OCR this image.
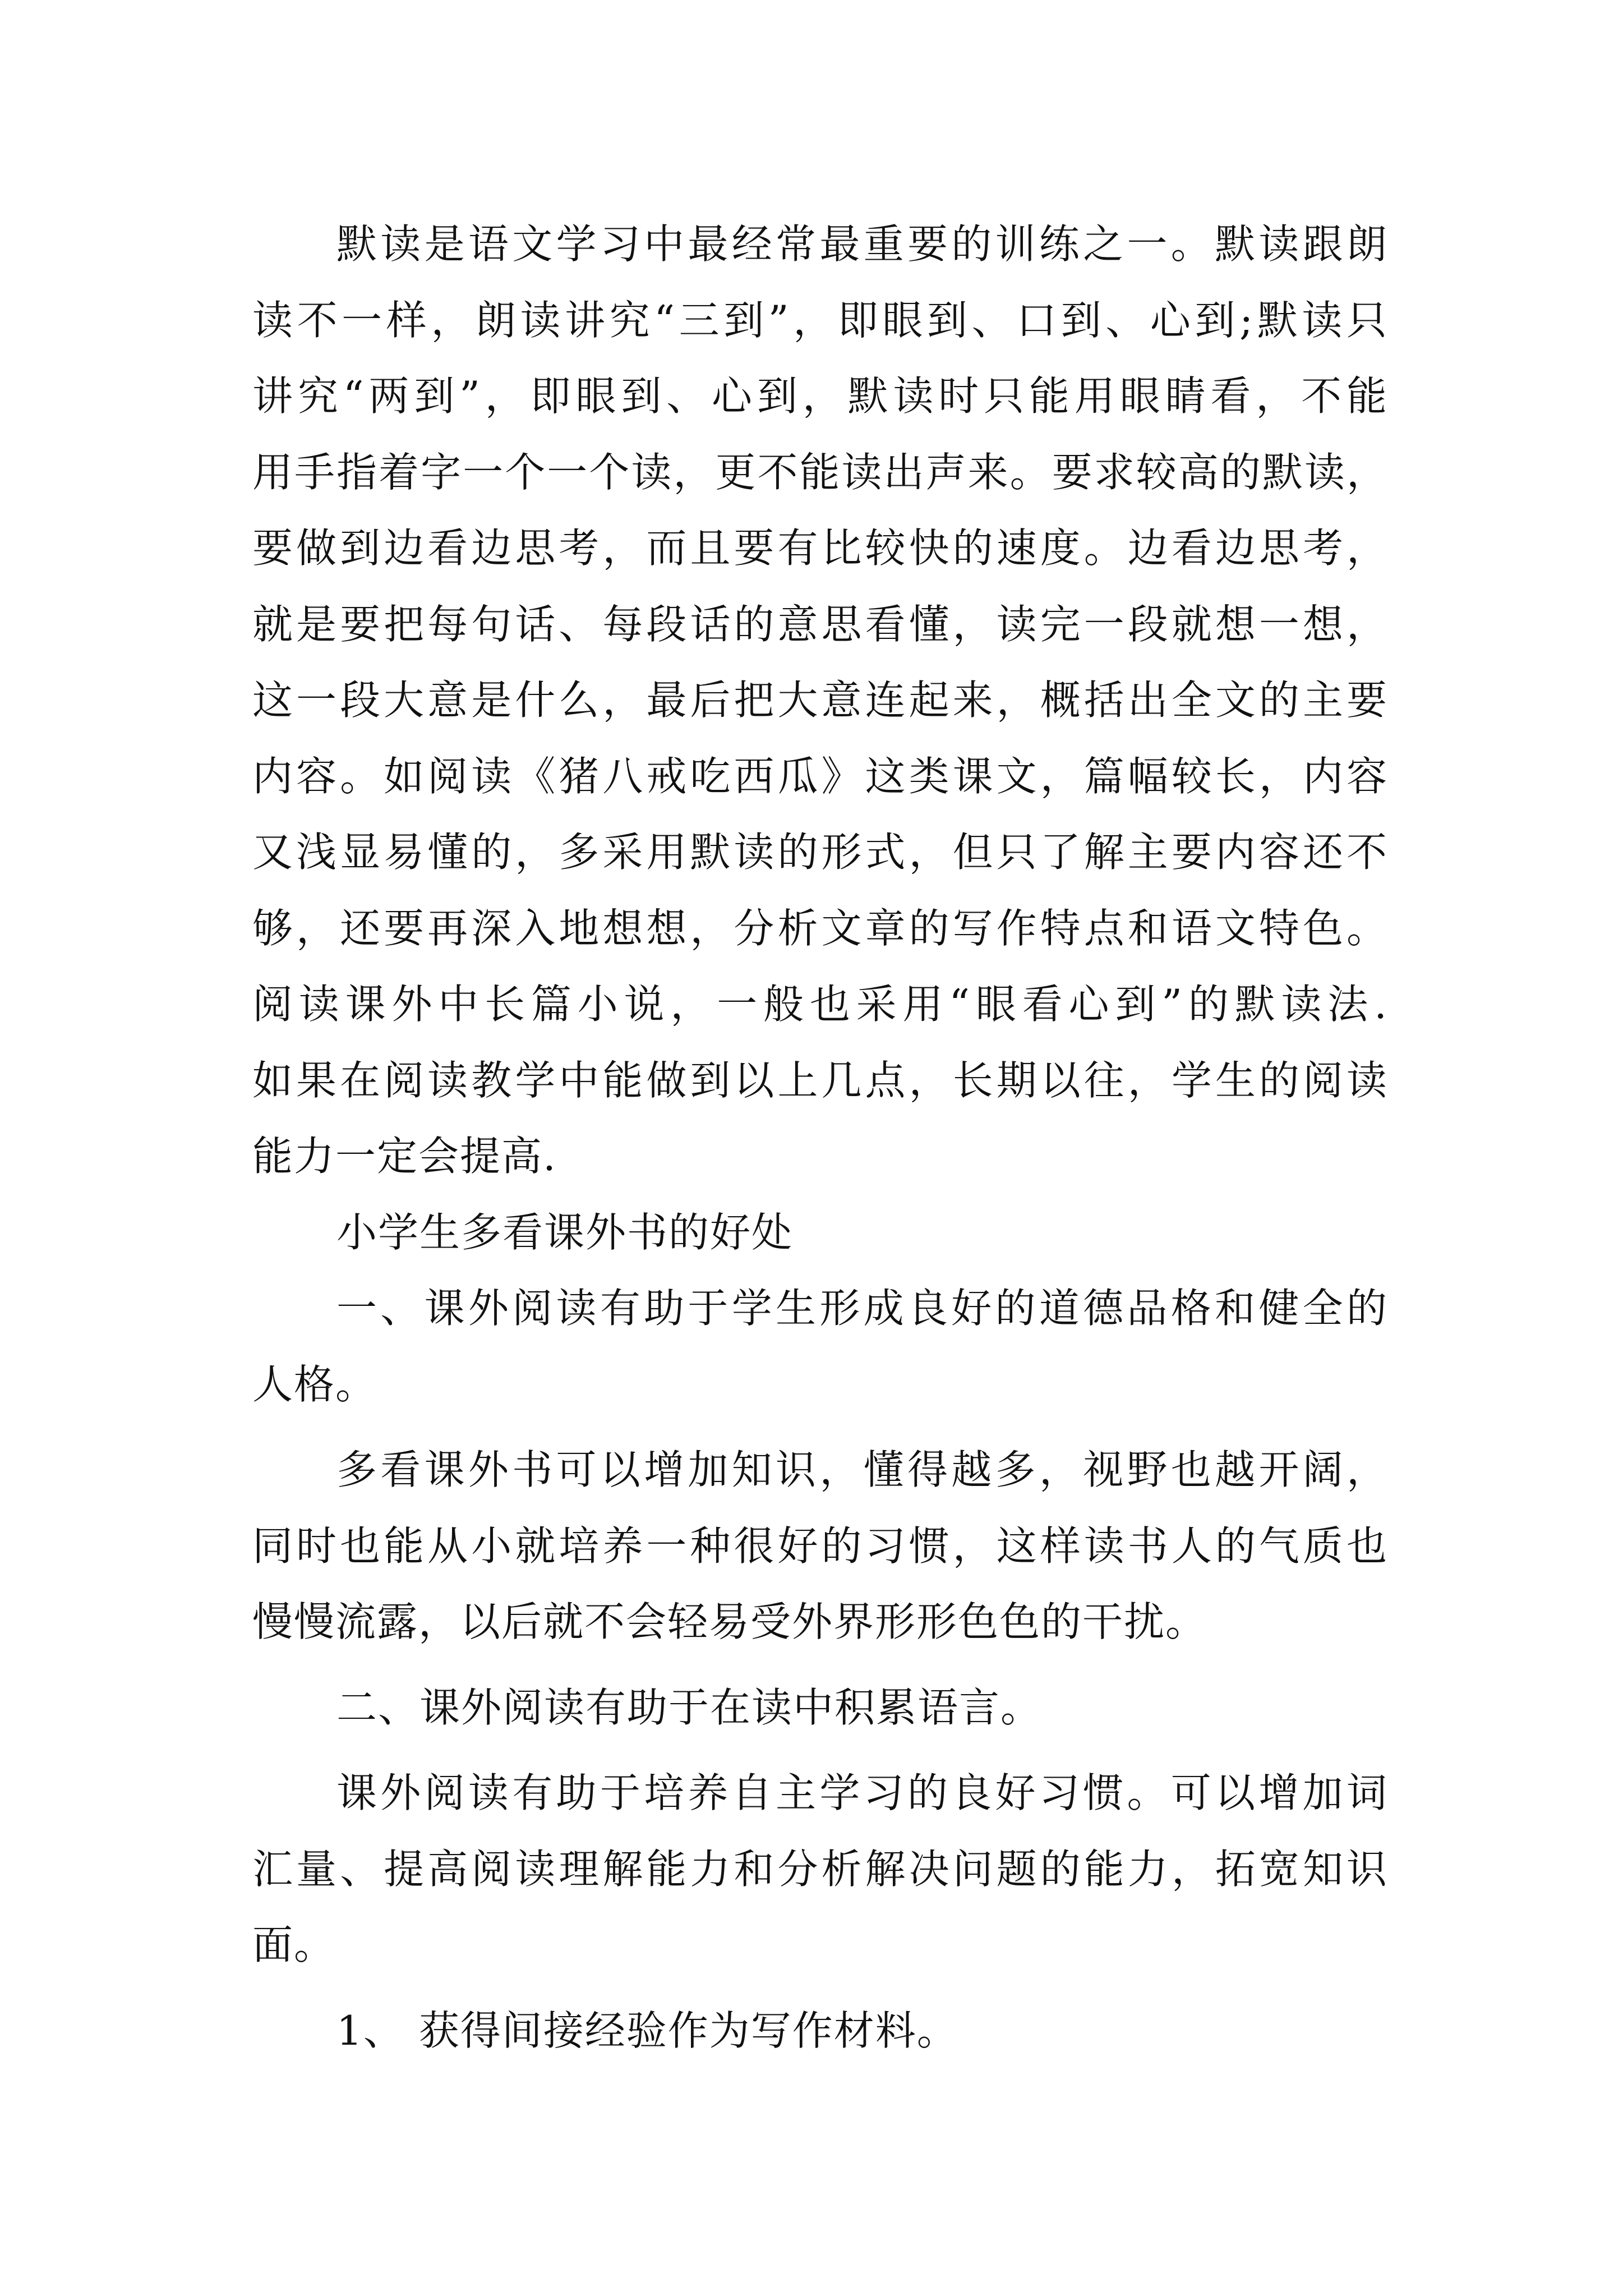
默读是语文学习中最经常最重要的训练之一。默读跟朗
读不一样，朗读讲究“三到”，即眼到、口到、心到;默读只
讲究“两到”，即眼到、心到，默读时只能用眼睛看，不能
用手指着字一个一个读，更不能读出声来。要求较高的默读，
要做到边看边思考，而且要有比较快的速度。边看边思考，
就是要把每句话、每段话的意思看懂，读完一段就想一想，
这一段大意是什么，最后把大意连起来，概括出全文的主要
内容。如阅读《猪八戒吃西瓜》这类课文，篇幅较长，内容
又浅显易懂的，多采用默读的形式，但只了解主要内容还不
够，还要再深入地想想，分析文章的写作特点和语文特色。
阅读课外中长篇小说，一般也采用“眼看心到”的默读法.
如果在阅读教学中能做到以上几点，长期以往，学生的阅读
能力一定会提高.
小学生多看课外书的好处
一、课外阅读有助于学生形成良好的道德品格和健全的
人格。
多看课外书可以增加知识，懂得越多，视野也越开阔，
同时也能从小就培养一种很好的习惯，这样读书人的气质也
慢慢流露，以后就不会轻易受外界形形色色的干扰。
二、课外阅读有助于在读中积累语言。
课外阅读有助于培养自主学习的良好习惯。可以增加词
汇量、提高阅读理解能力和分析解决问题的能力，拓宽知识
面。
1、 获得间接经验作为写作材料。
